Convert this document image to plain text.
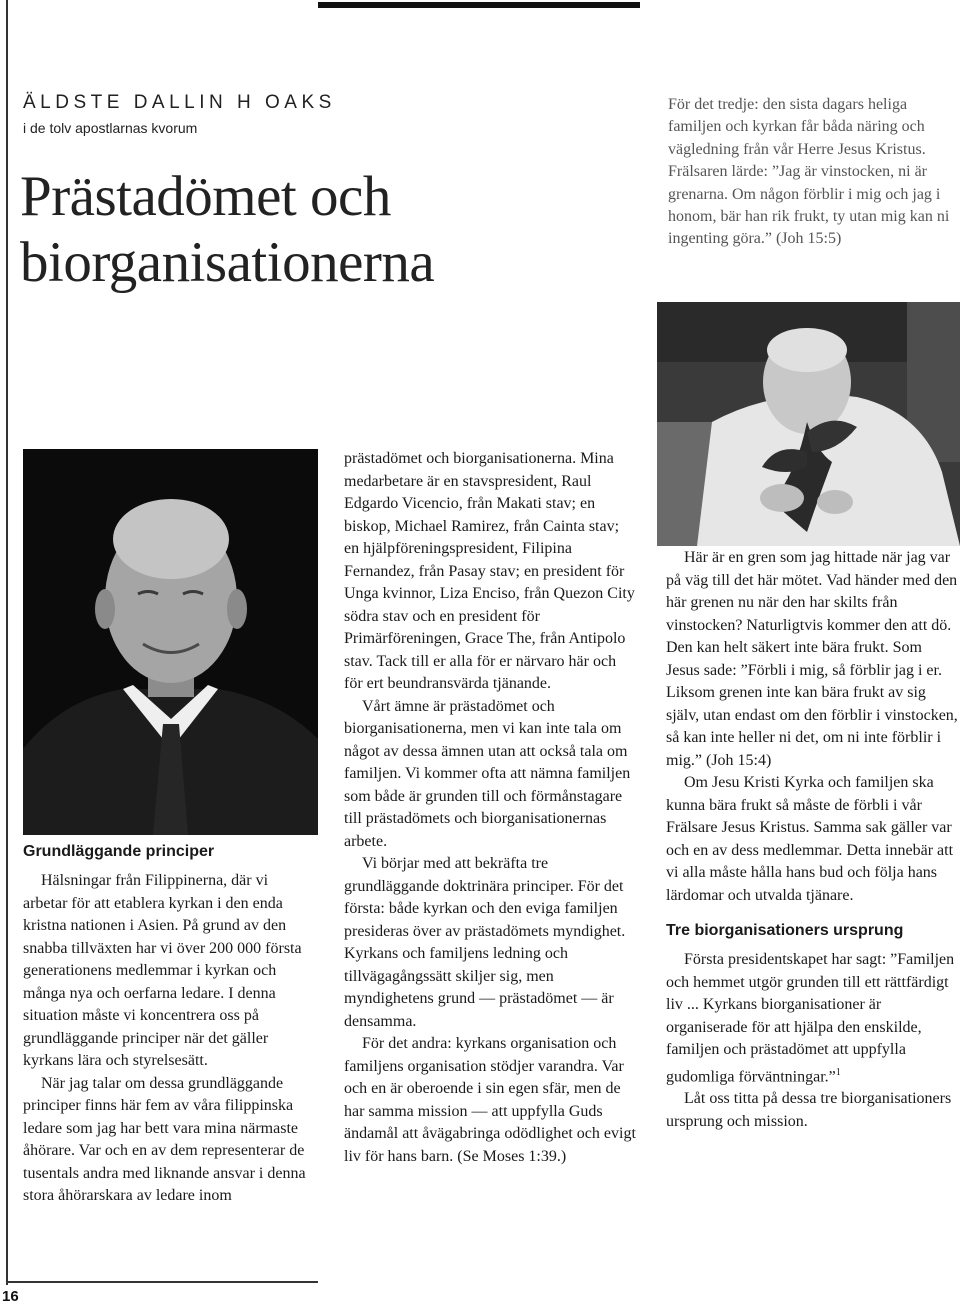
ÄLDSTE DALLIN H OAKS
i de tolv apostlarnas kvorum
Prästadömet och
biorganisationerna
För det tredje: den sista dagars heliga familjen och kyrkan får båda näring och vägledning från vår Herre Jesus Kristus. Frälsaren lärde: ”Jag är vinstocken, ni är grenarna. Om någon förblir i mig och jag i honom, bär han rik frukt, ty utan mig kan ni ingenting göra.” (Joh 15:5)
Grundläggande principer

Hälsningar från Filippinerna, där vi arbetar för att etablera kyrkan i den enda kristna nationen i Asien. På grund av den snabba tillväxten har vi över 200 000 första generationens medlemmar i kyrkan och många nya och oerfarna ledare. I denna situation måste vi koncentrera oss på grundläggande principer när det gäller kyrkans lära och styrelsesätt.

När jag talar om dessa grundläggande principer finns här fem av våra filippinska ledare som jag har bett vara mina närmaste åhörare. Var och en av dem representerar de tusentals andra med liknande ansvar i denna stora åhörarskara av ledare inom

prästadömet och biorganisationerna. Mina medarbetare är en stavspresident, Raul Edgardo Vicencio, från Makati stav; en biskop, Michael Ramirez, från Cainta stav; en hjälpföreningspresident, Filipina Fernandez, från Pasay stav; en president för Unga kvinnor, Liza Enciso, från Quezon City södra stav och en president för Primärföreningen, Grace The, från Antipolo stav. Tack till er alla för er närvaro här och för ert beundransvärda tjänande.

Vårt ämne är prästadömet och biorganisationerna, men vi kan inte tala om något av dessa ämnen utan att också tala om familjen. Vi kommer ofta att nämna familjen som både är grunden till och förmånstagare till prästadömets och biorganisationernas arbete.

Vi börjar med att bekräfta tre grundläggande doktrinära principer. För det första: både kyrkan och den eviga familjen presideras över av prästadömets myndighet. Kyrkans och familjens ledning och tillvägagångssätt skiljer sig, men myndighetens grund — prästadömet — är densamma.

För det andra: kyrkans organisation och familjens organisation stödjer varandra. Var och en är oberoende i sin egen sfär, men de har samma mission — att uppfylla Guds ändamål att åvägabringa odödlighet och evigt liv för hans barn. (Se Moses 1:39.)

Här är en gren som jag hittade när jag var på väg till det här mötet. Vad händer med den här grenen nu när den har skilts från vinstocken? Naturligtvis kommer den att dö. Den kan helt säkert inte bära frukt. Som Jesus sade: ”Förbli i mig, så förblir jag i er. Liksom grenen inte kan bära frukt av sig själv, utan endast om den förblir i vinstocken, så kan inte heller ni det, om ni inte förblir i mig.” (Joh 15:4)

Om Jesu Kristi Kyrka och familjen ska kunna bära frukt så måste de förbli i vår Frälsare Jesus Kristus. Samma sak gäller var och en av dess medlemmar. Detta innebär att vi alla måste hålla hans bud och följa hans lärdomar och utvalda tjänare.

Tre biorganisationers ursprung

Första presidentskapet har sagt: ”Familjen och hemmet utgör grunden till ett rättfärdigt liv ... Kyrkans biorganisationer är organiserade för att hjälpa den enskilde, familjen och prästadömet att uppfylla gudomliga förväntningar.”$^1$

Låt oss titta på dessa tre biorganisationers ursprung och mission.

16
